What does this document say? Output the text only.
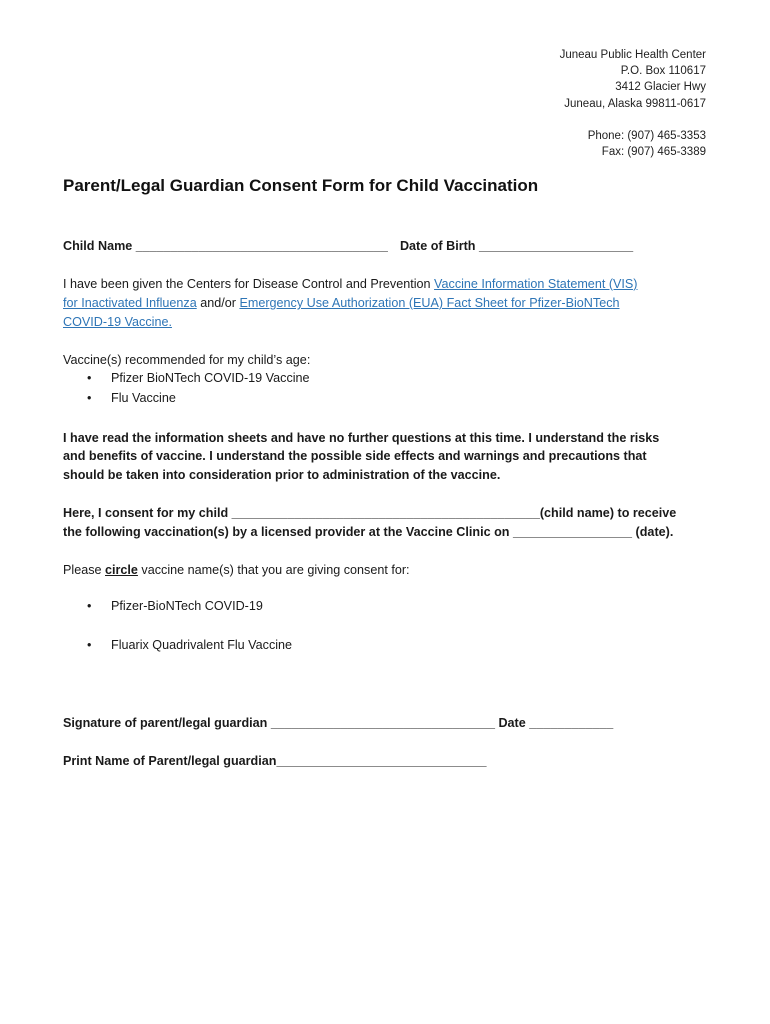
Juneau Public Health Center
P.O. Box 110617
3412 Glacier Hwy
Juneau, Alaska 99811-0617
Phone: (907) 465-3353
Fax: (907) 465-3389
Parent/Legal Guardian Consent Form for Child Vaccination
Child Name ____________________________________ Date of Birth ______________________
I have been given the Centers for Disease Control and Prevention Vaccine Information Statement (VIS)
for Inactivated Influenza and/or Emergency Use Authorization (EUA) Fact Sheet for Pfizer-BioNTech
COVID-19 Vaccine.
Vaccine(s) recommended for my child’s age:
• Pfizer BioNTech COVID-19 Vaccine
• Flu Vaccine
I have read the information sheets and have no further questions at this time. I understand the risks
and benefits of vaccine. I understand the possible side effects and warnings and precautions that
should be taken into consideration prior to administration of the vaccine.
Here, I consent for my child ____________________________________________(child name) to receive
the following vaccination(s) by a licensed provider at the Vaccine Clinic on _________________ (date).
Please circle vaccine name(s) that you are giving consent for:
• Pfizer-BioNTech COVID-19
• Fluarix Quadrivalent Flu Vaccine
Signature of parent/legal guardian ________________________________ Date ____________
Print Name of Parent/legal guardian______________________________
